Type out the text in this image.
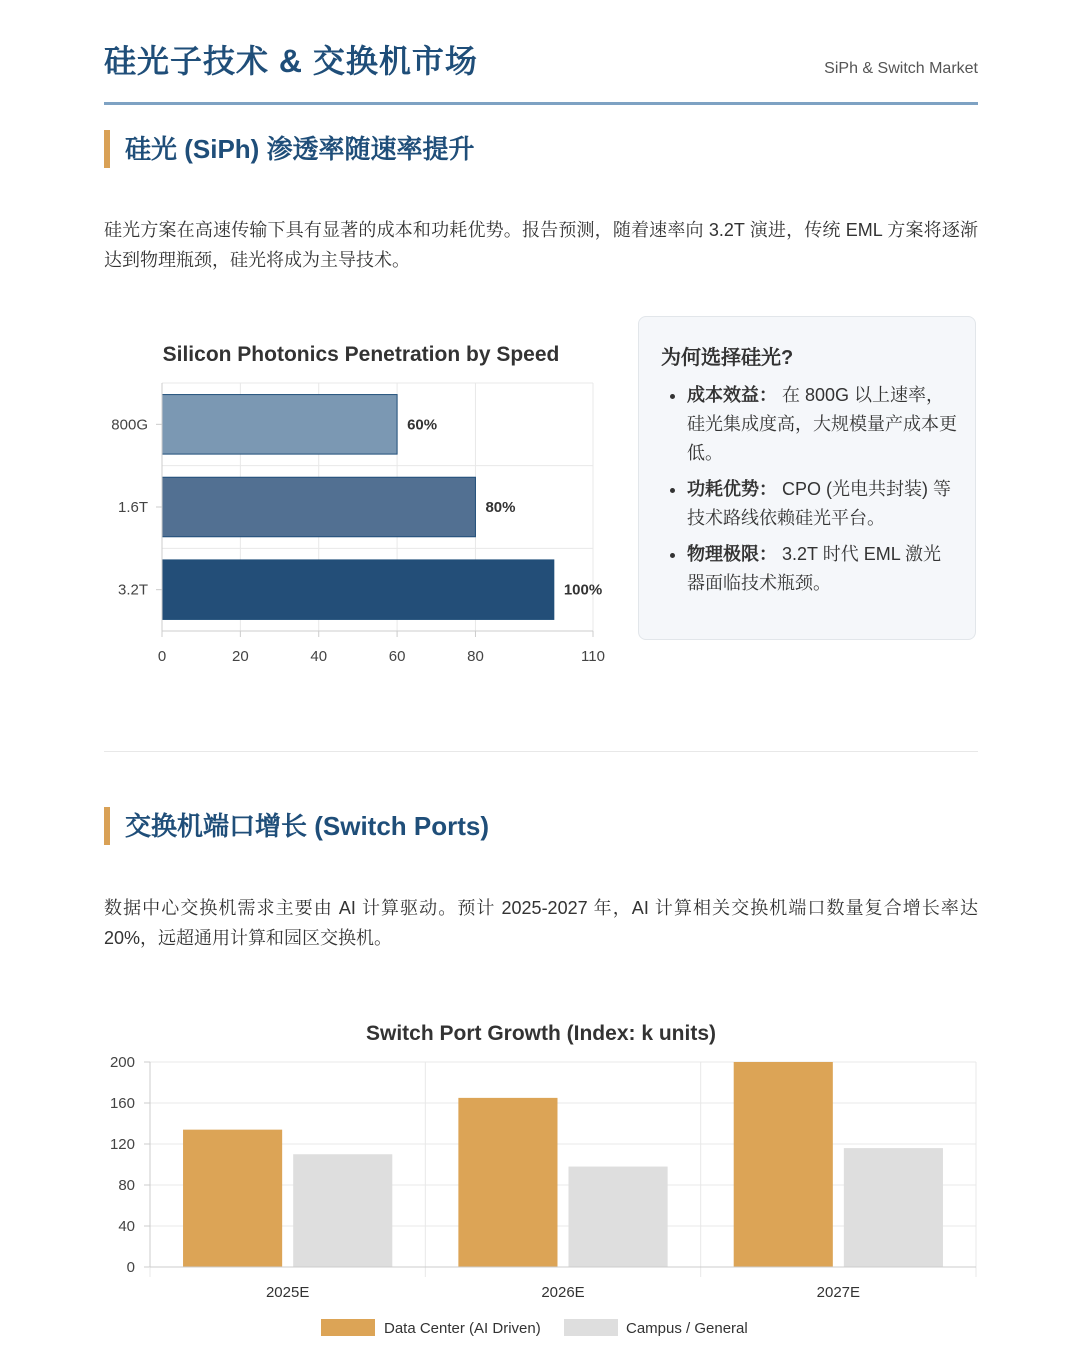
硅光子技术 & 交换机市场	SiPh & Switch Market
硅光 (SiPh) 渗透率随速率提升
硅光方案在高速传输下具有显著的成本和功耗优势。报告预测，随着速率向 3.2T 演进，传统 EML 方案将逐渐达到物理瓶颈，硅光将成为主导技术。
Silicon Photonics Penetration by Speed
0	20	40	60	80	110
800G	60%
1.6T	80%
3.2T	100%
为何选择硅光?
• 成本效益： 在 800G 以上速率，硅光集成度高，大规模量产成本更低。
• 功耗优势： CPO (光电共封装) 等技术路线依赖硅光平台。
• 物理极限： 3.2T 时代 EML 激光器面临技术瓶颈。
交换机端口增长 (Switch Ports)
数据中心交换机需求主要由 AI 计算驱动。预计 2025-2027 年，AI 计算相关交换机端口数量复合增长率达 20%，远超通用计算和园区交换机。
Switch Port Growth (Index: k units)
0
40
80
120
160
200
2025E	2026E	2027E
Data Center (AI Driven)	Campus / General
